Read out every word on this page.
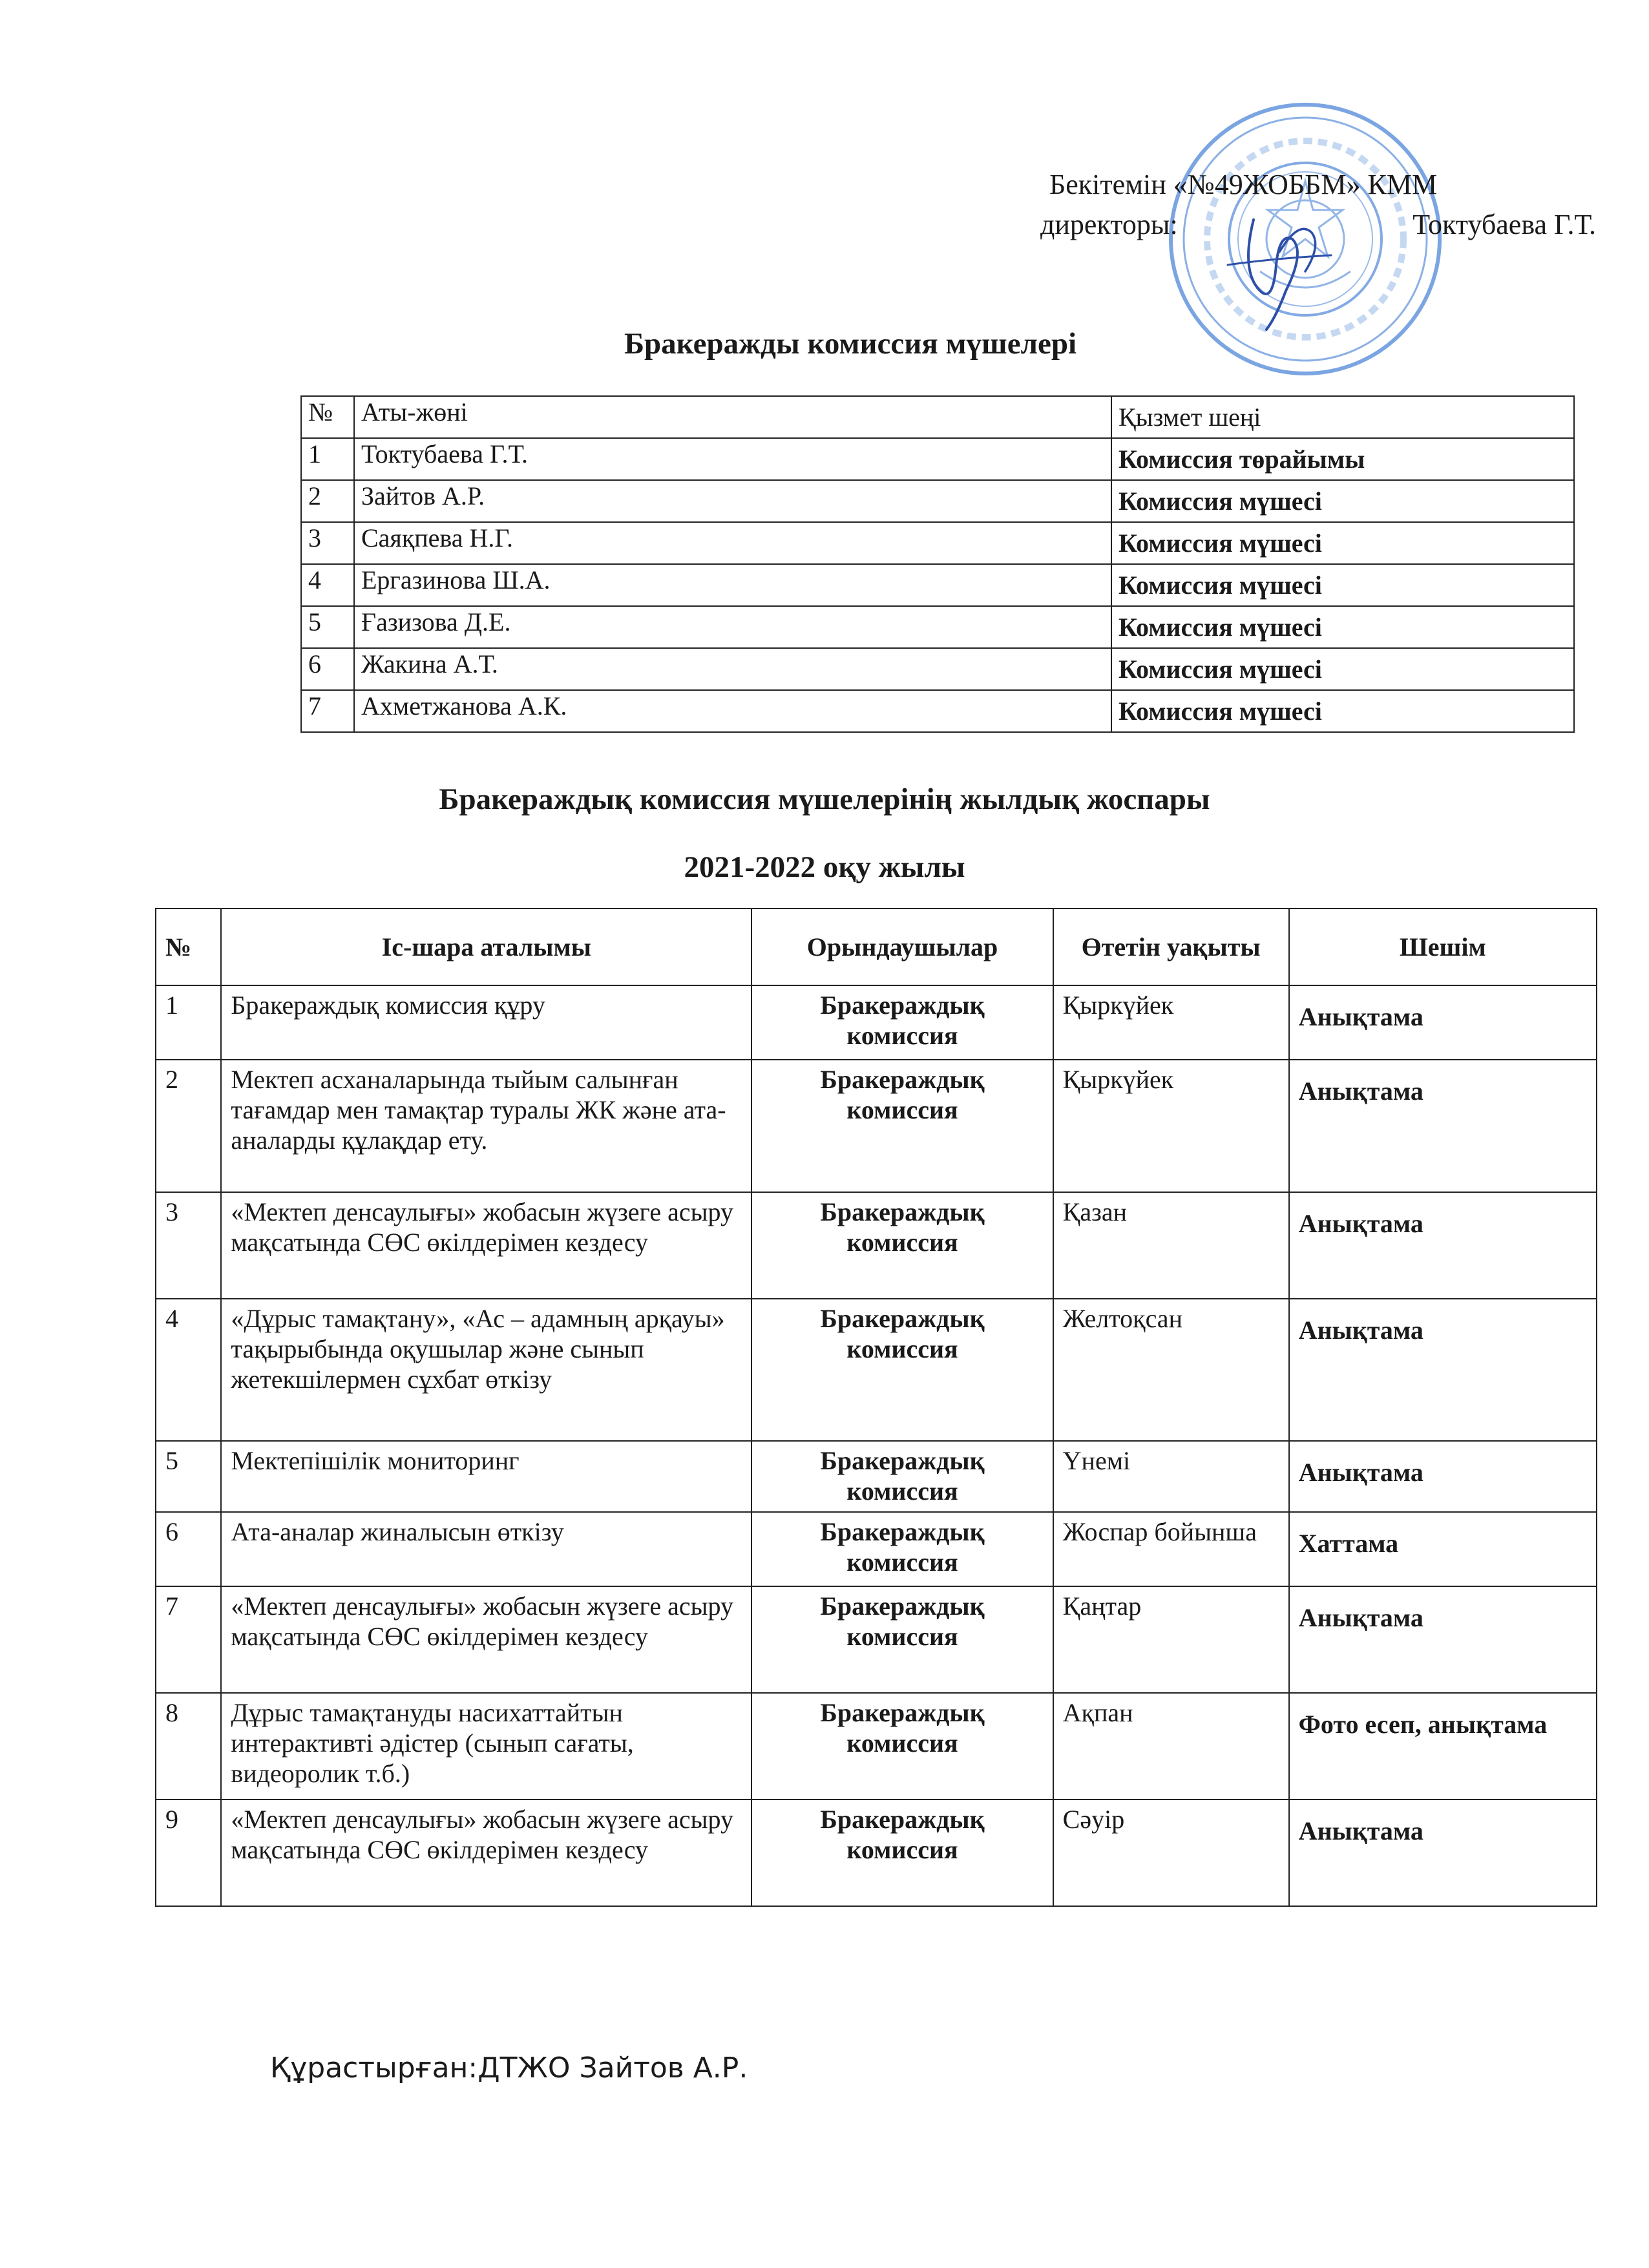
Бекітемін «№49ЖОББМ» КММ
директоры:	Toктубаева Г.Т.
Бракеражды комиссия мүшелері
№	Аты-жөні	Қызмет шеңі
1	Toктубаева Г.Т.	Комиссия төрайымы
2	Зайтов А.Р.	Комиссия мүшесі
3	Саяқпева Н.Г.	Комиссия мүшесі
4	Ергазинова Ш.А.	Комиссия мүшесі
5	Ғазизова Д.Е.	Комиссия мүшесі
6	Жакина А.Т.	Комиссия мүшесі
7	Ахметжанова А.К.	Комиссия мүшесі
Бракераждық комиссия мүшелерінің жылдық жоспары
2021-2022 оқу жылы
№	Іс-шара аталымы	Орындаушылар	Өтетін уақыты	Шешім
1	Бракераждық комиссия құру	Бракераждық комиссия	Қыркүйек	Анықтама
2	Мектеп асханаларында тыйым салынған тағамдар мен тамақтар туралы ЖК және ата-аналарды құлақдар ету.	Бракераждық комиссия	Қыркүйек	Анықтама
3	«Мектеп денсаулығы» жобасын жүзеге асыру мақсатында СӨС өкілдерімен кездесу	Бракераждық комиссия	Қазан	Анықтама
4	«Дұрыс тамақтану», «Ас – адамның арқауы» тақырыбында оқушылар және сынып жетекшілермен сұхбат өткізу	Бракераждық комиссия	Желтоқсан	Анықтама
5	Мектепішілік мониторинг	Бракераждық комиссия	Үнемі	Анықтама
6	Ата-аналар жиналысын өткізу	Бракераждық комиссия	Жоспар бойынша	Хаттама
7	«Мектеп денсаулығы» жобасын жүзеге асыру мақсатында СӨС өкілдерімен кездесу	Бракераждық комиссия	Қаңтар	Анықтама
8	Дұрыс тамақтануды насихаттайтын интерактивті әдістер (сынып сағаты, видеоролик т.б.)	Бракераждық комиссия	Ақпан	Фото есеп, анықтама
9	«Мектеп денсаулығы» жобасын жүзеге асыру мақсатында СӨС өкілдерімен кездесу	Бракераждық комиссия	Сәуір	Анықтама
Құрастырған:ДТЖО Зайтов А.Р.
